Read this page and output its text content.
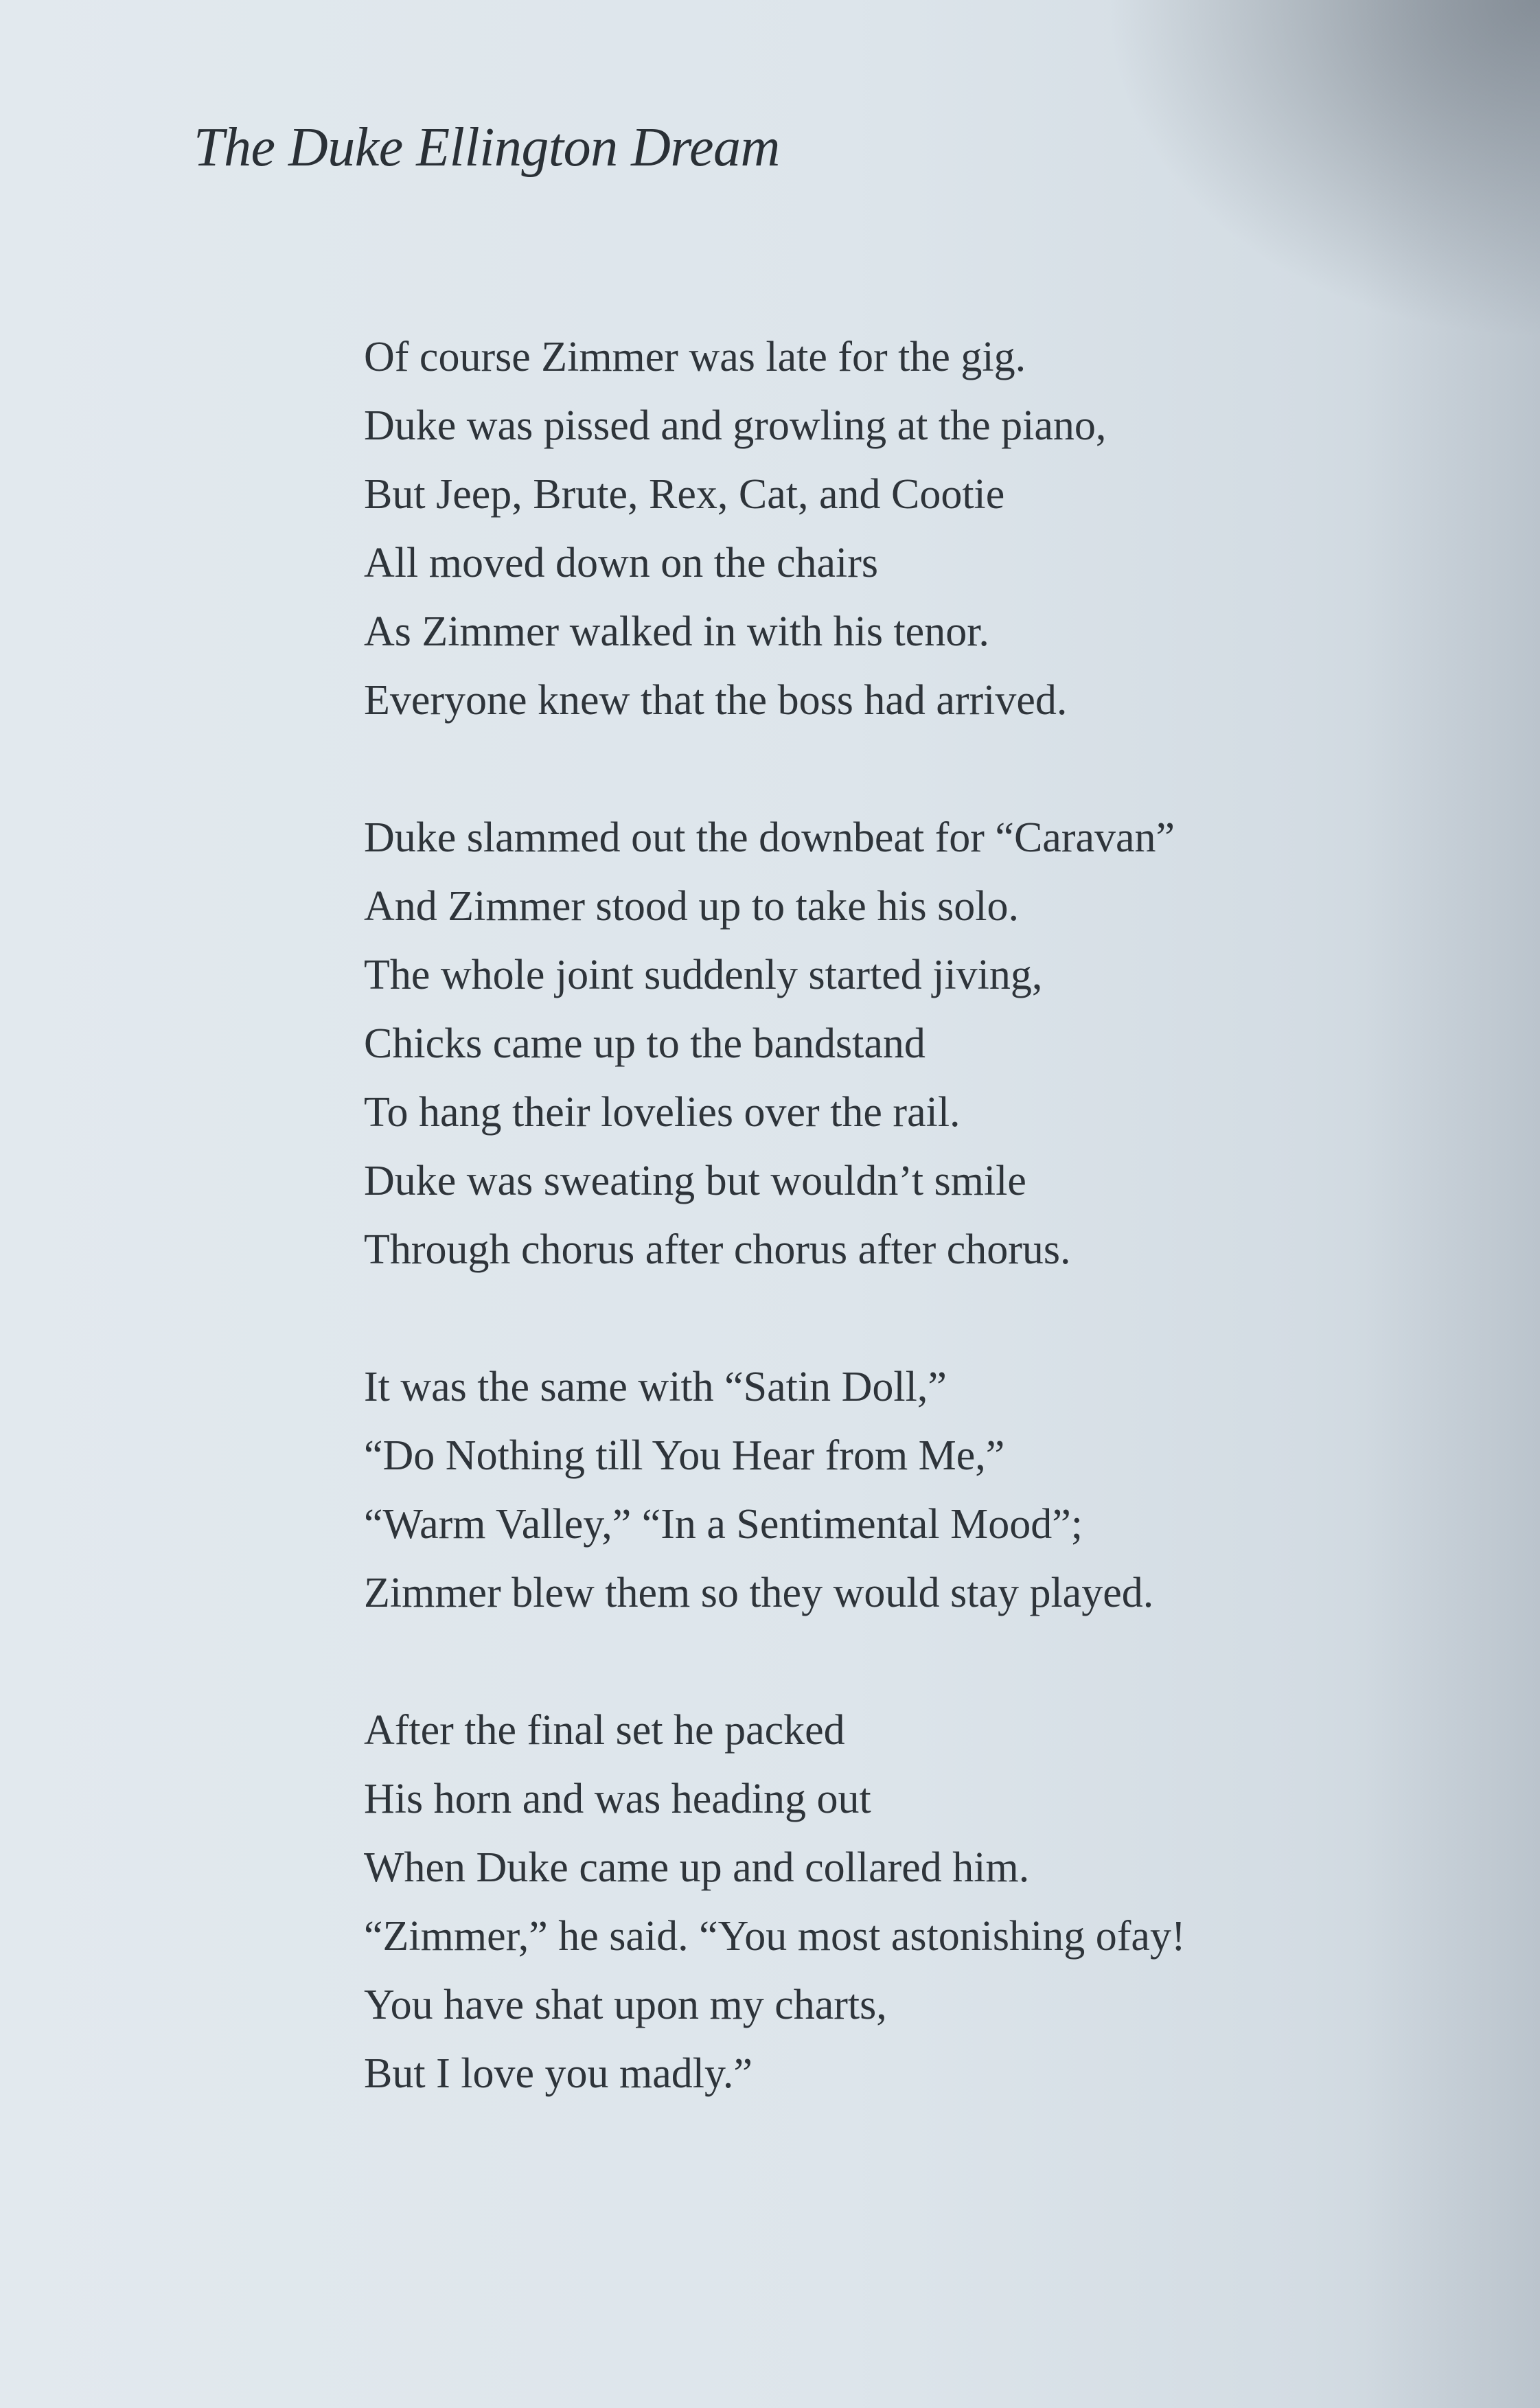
The Duke Ellington Dream
Of course Zimmer was late for the gig.
Duke was pissed and growling at the piano,
But Jeep, Brute, Rex, Cat, and Cootie
All moved down on the chairs
As Zimmer walked in with his tenor.
Everyone knew that the boss had arrived.
Duke slammed out the downbeat for “Caravan”
And Zimmer stood up to take his solo.
The whole joint suddenly started jiving,
Chicks came up to the bandstand
To hang their lovelies over the rail.
Duke was sweating but wouldn’t smile
Through chorus after chorus after chorus.
It was the same with “Satin Doll,”
“Do Nothing till You Hear from Me,”
“Warm Valley,” “In a Sentimental Mood”;
Zimmer blew them so they would stay played.
After the final set he packed
His horn and was heading out
When Duke came up and collared him.
“Zimmer,” he said. “You most astonishing ofay!
You have shat upon my charts,
But I love you madly.”
